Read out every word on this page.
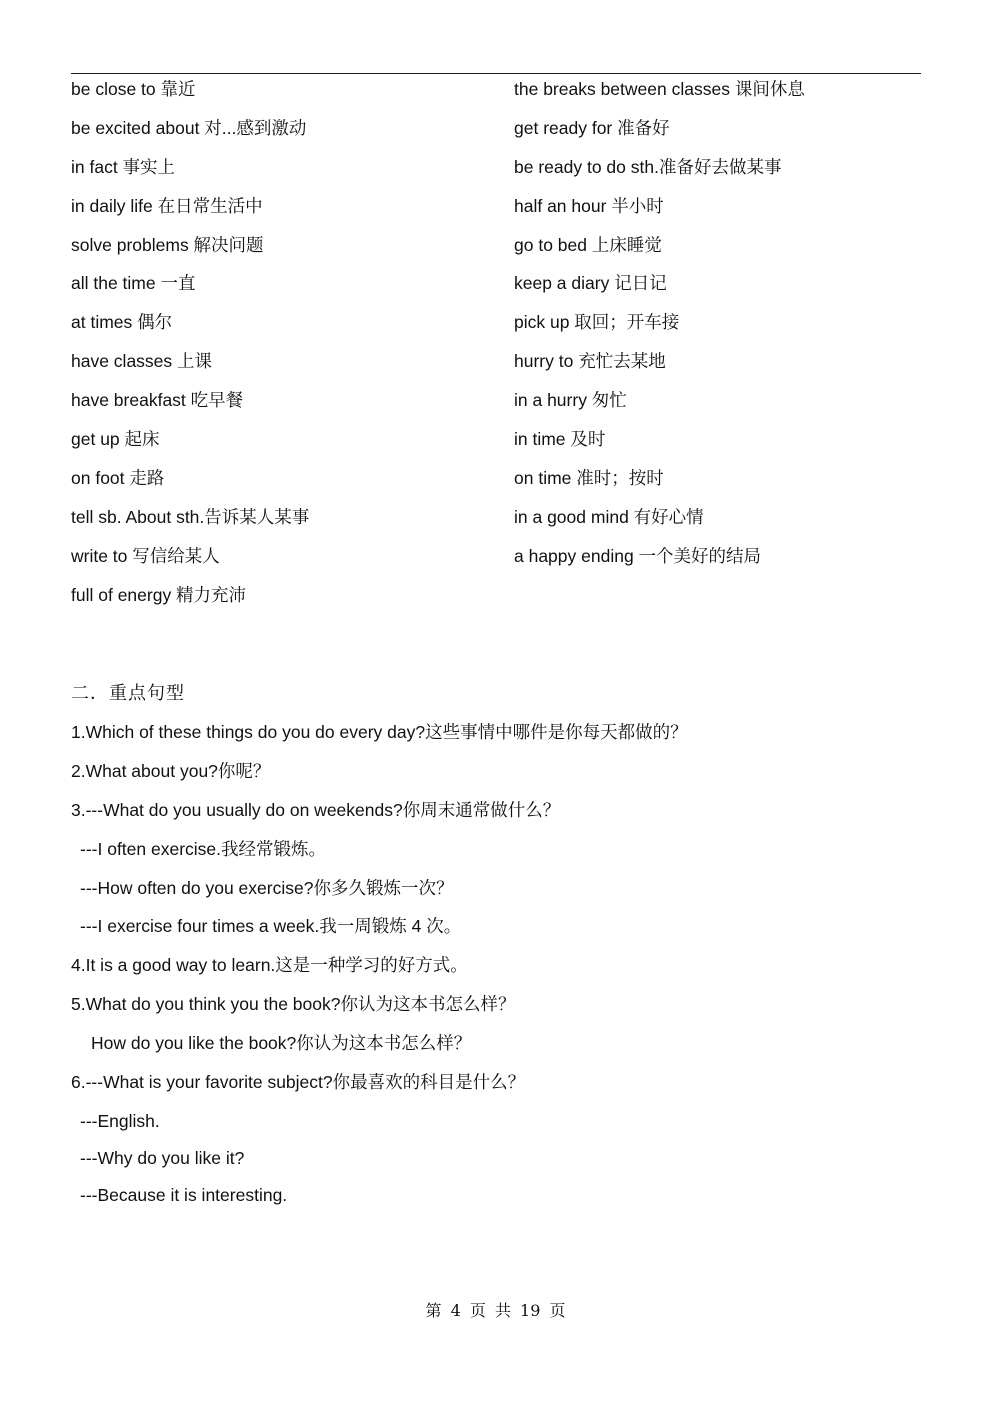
be close to 靠近
be excited about 对...感到激动
in fact 事实上
in daily life 在日常生活中
solve problems 解决问题
all the time 一直
at times 偶尔
have classes 上课
have breakfast 吃早餐
get up 起床
on foot 走路
tell sb. About sth.告诉某人某事
write to 写信给某人
full of energy 精力充沛
the breaks between classes 课间休息
get ready for 准备好
be ready to do sth.准备好去做某事
half an hour 半小时
go to bed 上床睡觉
keep a diary 记日记
pick up 取回；开车接
hurry to 充忙去某地
in a hurry 匆忙
in time 及时
on time 准时；按时
in a good mind 有好心情
a happy ending 一个美好的结局
二．重点句型
1.Which of these things do you do every day?这些事情中哪件是你每天都做的？
2.What about you?你呢？
3.---What do you usually do on weekends?你周末通常做什么？
---I often exercise.我经常锻炼。
---How often do you exercise?你多久锻炼一次？
---I exercise four times a week.我一周锻炼 4 次。
4.It is a good way to learn.这是一种学习的好方式。
5.What do you think you the book?你认为这本书怎么样？
How do you like the book?你认为这本书怎么样？
6.---What is your favorite subject?你最喜欢的科目是什么？
---English.
---Why do you like it?
---Because it is interesting.
第 4 页 共 19 页
